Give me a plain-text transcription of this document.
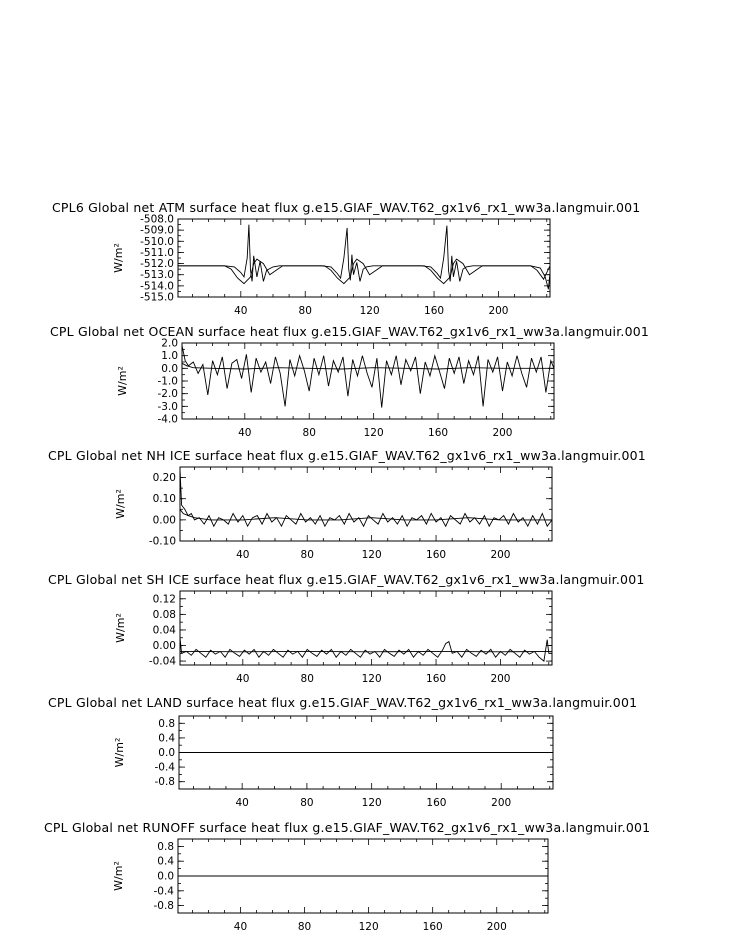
CPL6 Global net ATM surface heat flux g.e15.GIAF_WAV.T62_gx1v6_rx1_ww3a.langmuir.001
40	80	120	160	200
-508.0
-509.0
-510.0
-511.0
-512.0
-513.0
-514.0
-515.0
W/m²
CPL Global net OCEAN surface heat flux g.e15.GIAF_WAV.T62_gx1v6_rx1_ww3a.langmuir.001
40	80	120	160	200
2.0
1.0
0.0
-1.0
-2.0
-3.0
-4.0
W/m²
CPL Global net NH ICE surface heat flux g.e15.GIAF_WAV.T62_gx1v6_rx1_ww3a.langmuir.001
40	80	120	160	200
0.20
0.10
0.00
-0.10
W/m²
CPL Global net SH ICE surface heat flux g.e15.GIAF_WAV.T62_gx1v6_rx1_ww3a.langmuir.001
40	80	120	160	200
0.12
0.08
0.04
0.00
-0.04
W/m²
CPL Global net LAND surface heat flux g.e15.GIAF_WAV.T62_gx1v6_rx1_ww3a.langmuir.001
40	80	120	160	200
0.8
0.4
0.0
-0.4
-0.8
W/m²
CPL Global net RUNOFF surface heat flux g.e15.GIAF_WAV.T62_gx1v6_rx1_ww3a.langmuir.001
40	80	120	160	200
0.8
0.4
0.0
-0.4
-0.8
W/m²
